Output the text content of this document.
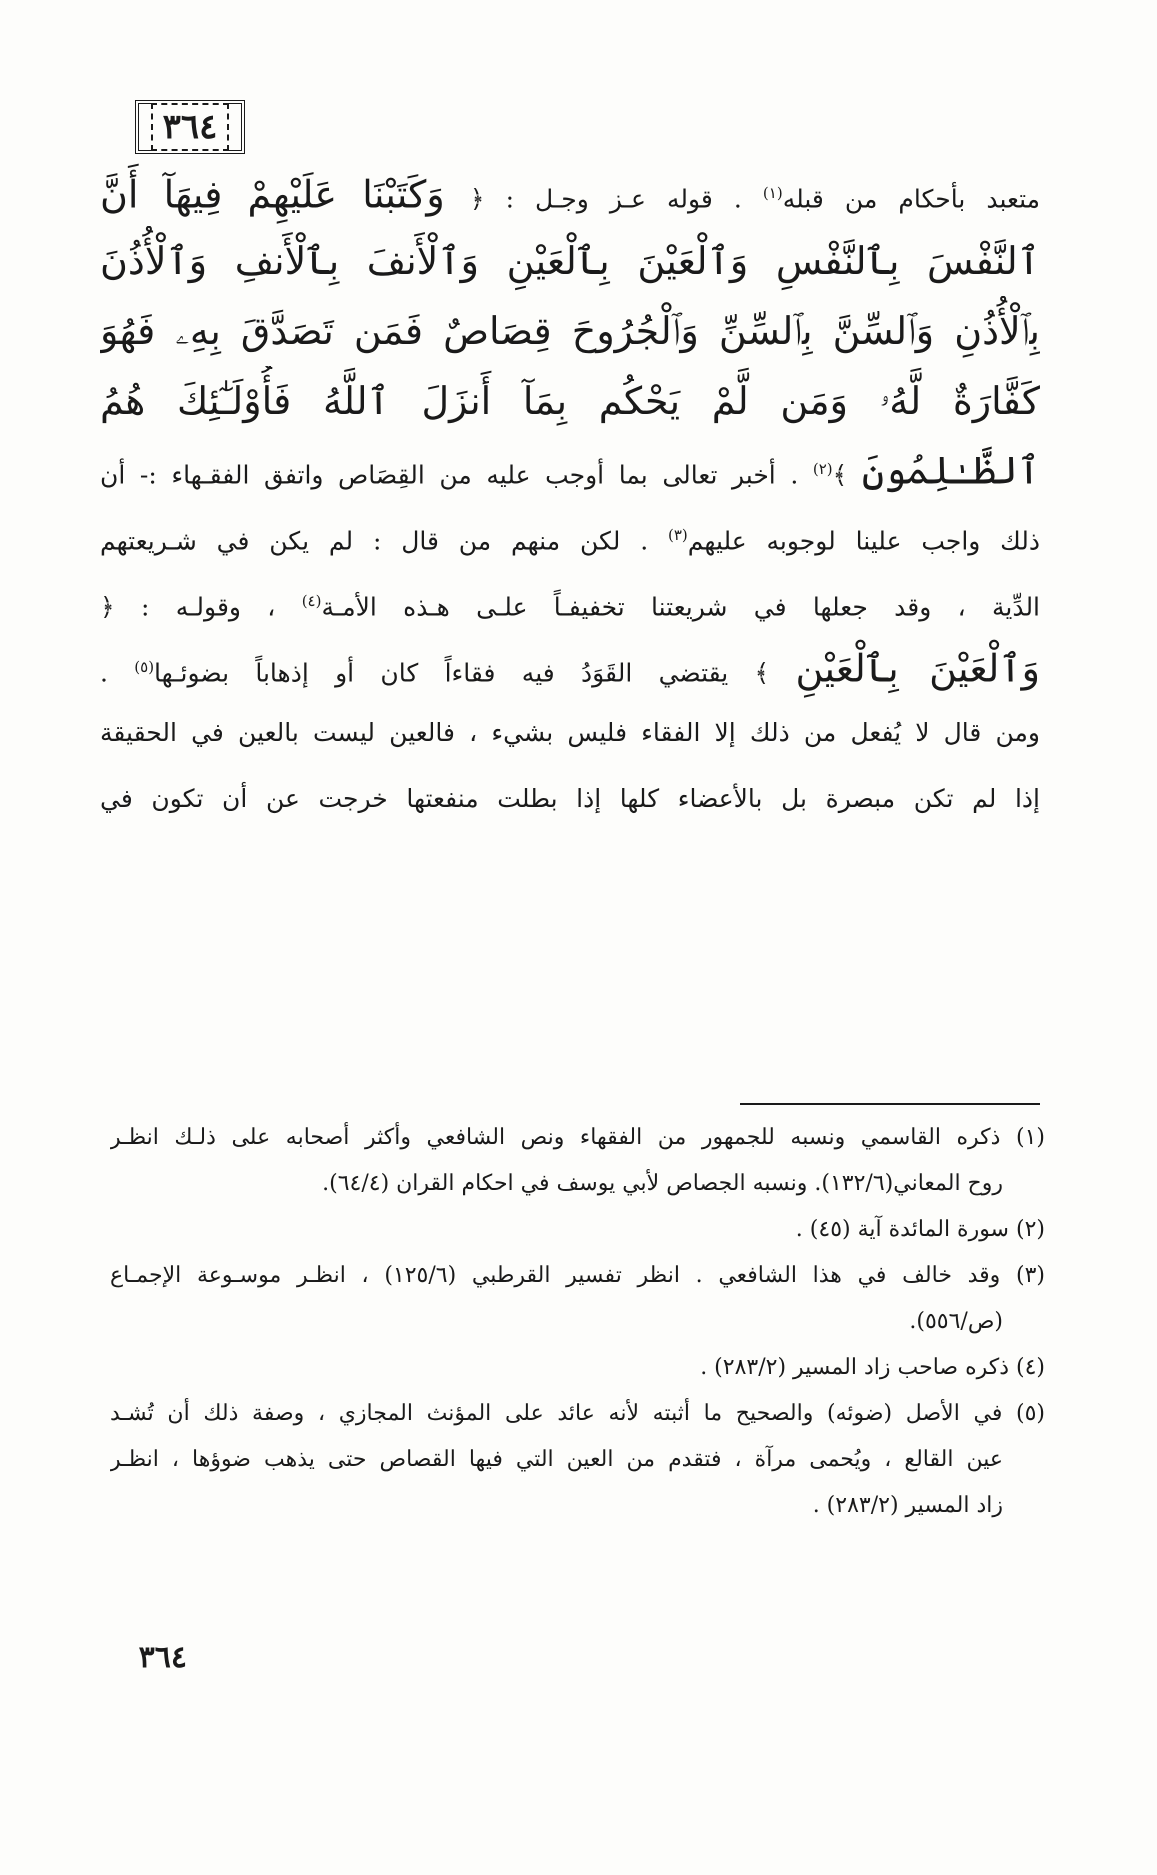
٣٦٤
متعبد بأحكام من قبله$^{(١)}$ . قوله عـز وجـل : ﴿ وَكَتَبْنَا عَلَيْهِمْ فِيهَآ أَنَّ
ٱلنَّفْسَ بِٱلنَّفْسِ وَٱلْعَيْنَ بِٱلْعَيْنِ وَٱلْأَنفَ بِٱلْأَنفِ وَٱلْأُذُنَ
بِٱلْأُذُنِ وَٱلسِّنَّ بِٱلسِّنِّ وَٱلْجُرُوحَ قِصَاصٌ فَمَن تَصَدَّقَ بِهِۦ فَهُوَ
كَفَّارَةٌ لَّهُۥ وَمَن لَّمْ يَحْكُم بِمَآ أَنزَلَ ٱللَّهُ فَأُوْلَـٰٓئِكَ هُمُ
ٱلظَّـٰلِمُونَ ﴾$^{(٢)}$ . أخبر تعالى بما أوجب عليه من القِصَاص واتفق الفقـهاء :- أن
ذلك واجب علينا لوجوبه عليهم$^{(٣)}$ . لكن منهم من قال : لم يكن في شـريعتهم
الدِّية ، وقد جعلها في شريعتنا تخفيفـاً علـى هـذه الأمـة$^{(٤)}$ ، وقولـه : ﴿
وَٱلْعَيْنَ بِٱلْعَيْنِ ﴾ يقتضي القَوَدُ فيه فقاءاً كان أو إذهاباً بضوئـها$^{(٥)}$ .
ومن قال لا يُفعل من ذلك إلا الفقاء فليس بشيء ، فالعين ليست بالعين في الحقيقة
إذا لم تكن مبصرة بل بالأعضاء كلها إذا بطلت منفعتها خرجت عن أن تكون في
(١) ذكره القاسمي ونسبه للجمهور من الفقهاء ونص الشافعي وأكثر أصحابه على ذلـك انظـر
روح المعاني(١٣٢/٦). ونسبه الجصاص لأبي يوسف في احكام القران (٦٤/٤).
(٢) سورة المائدة آية (٤٥) .
(٣) وقد خالف في هذا الشافعي . انظر تفسير القرطبي (١٢٥/٦) ، انظـر موسـوعة الإجمـاع
(ص/٥٥٦).
(٤) ذكره صاحب زاد المسير (٢٨٣/٢) .
(٥) في الأصل (ضوئه) والصحيح ما أثبته لأنه عائد على المؤنث المجازي ، وصفة ذلك أن تُشـد
عين القالع ، ويُحمى مرآة ، فتقدم من العين التي فيها القصاص حتى يذهب ضوؤها ، انظـر
زاد المسير (٢٨٣/٢) .
٣٦٤
